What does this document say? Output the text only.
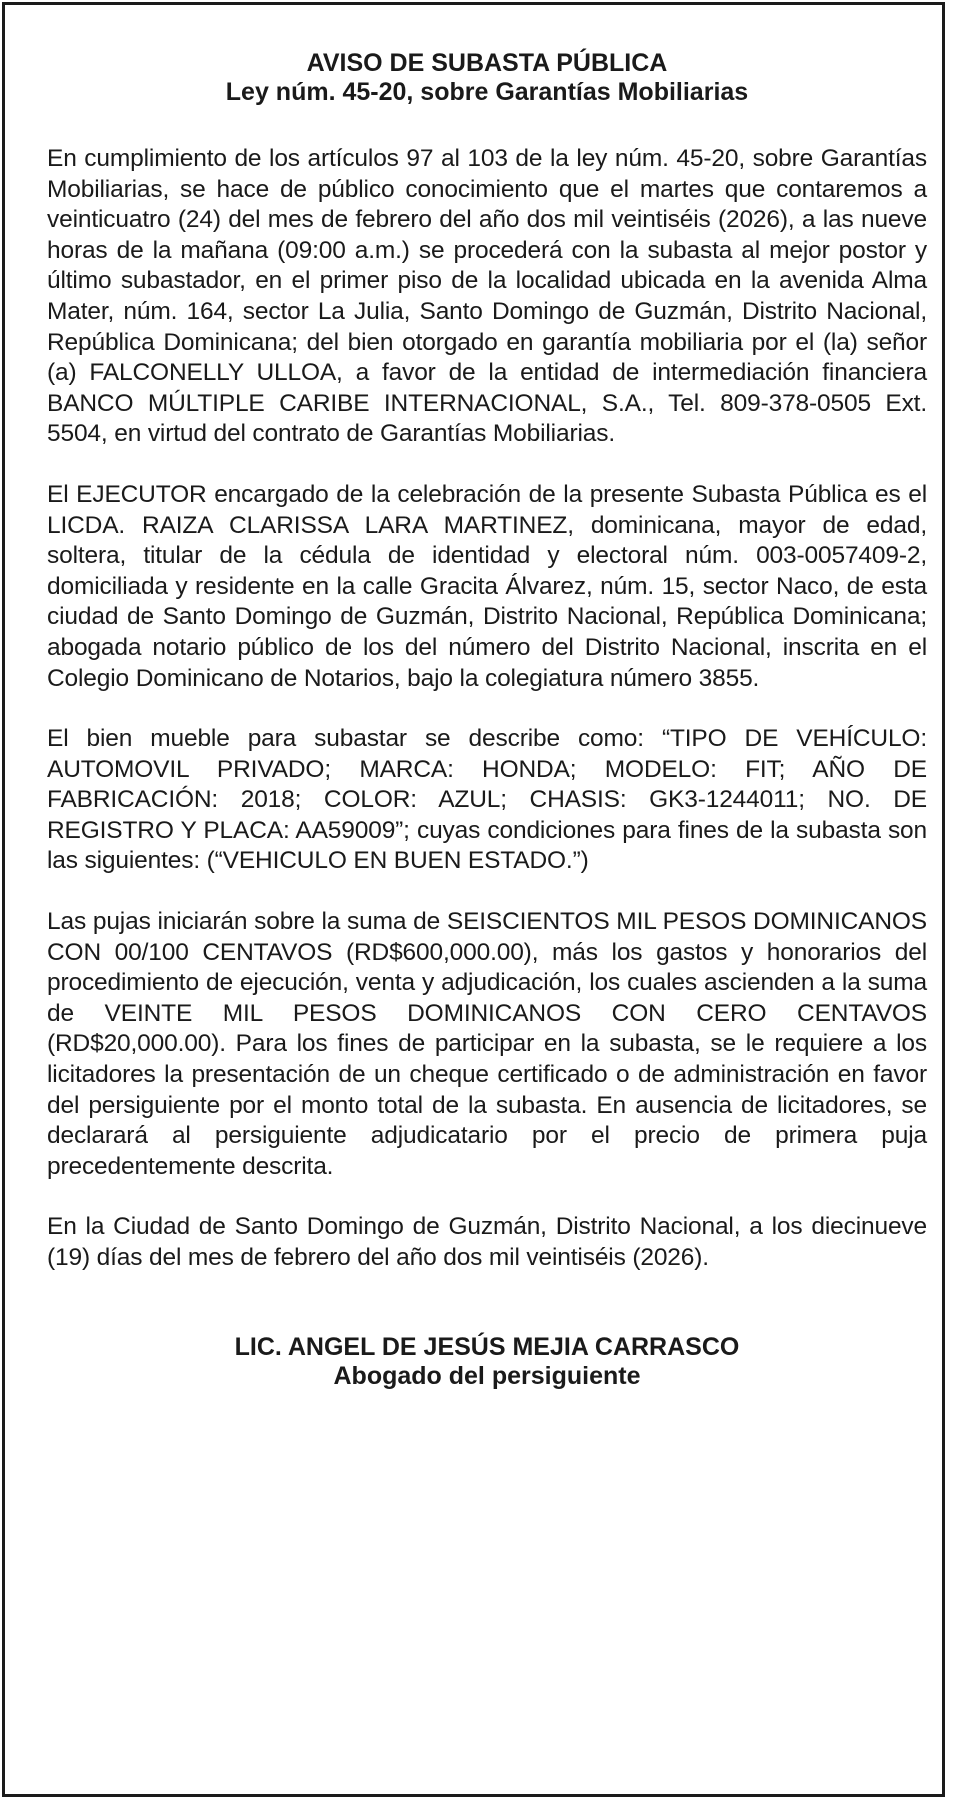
AVISO DE SUBASTA PÚBLICA
Ley núm. 45-20, sobre Garantías Mobiliarias

En cumplimiento de los artículos 97 al 103 de la ley núm. 45-20, sobre Garantías Mobiliarias, se hace de público conocimiento que el martes que contaremos a veinticuatro (24) del mes de febrero del año dos mil veintiséis (2026), a las nueve horas de la mañana (09:00 a.m.) se procederá con la subasta al mejor postor y último subastador, en el primer piso de la localidad ubicada en la avenida Alma Mater, núm. 164, sector La Julia, Santo Domingo de Guzmán, Distrito Nacional, República Dominicana; del bien otorgado en garantía mobiliaria por el (la) señor (a) FALCONELLY ULLOA, a favor de la entidad de intermediación financiera BANCO MÚLTIPLE CARIBE INTERNACIONAL, S.A., Tel. 809-378-0505 Ext. 5504, en virtud del contrato de Garantías Mobiliarias.

El EJECUTOR encargado de la celebración de la presente Subasta Pública es el LICDA. RAIZA CLARISSA LARA MARTINEZ, dominicana, mayor de edad, soltera, titular de la cédula de identidad y electoral núm. 003-0057409-2, domiciliada y residente en la calle Gracita Álvarez, núm. 15, sector Naco, de esta ciudad de Santo Domingo de Guzmán, Distrito Nacional, República Dominicana; abogada notario público de los del número del Distrito Nacional, inscrita en el Colegio Dominicano de Notarios, bajo la colegiatura número 3855.

El bien mueble para subastar se describe como: “TIPO DE VEHÍCULO: AUTOMOVIL PRIVADO; MARCA: HONDA; MODELO: FIT; AÑO DE FABRICACIÓN: 2018; COLOR: AZUL; CHASIS: GK3-1244011; NO. DE REGISTRO Y PLACA: AA59009”; cuyas condiciones para fines de la subasta son las siguientes: (“VEHICULO EN BUEN ESTADO.”)

Las pujas iniciarán sobre la suma de SEISCIENTOS MIL PESOS DOMINICANOS CON 00/100 CENTAVOS (RD$600,000.00), más los gastos y honorarios del procedimiento de ejecución, venta y adjudicación, los cuales ascienden a la suma de VEINTE MIL PESOS DOMINICANOS CON CERO CENTAVOS (RD$20,000.00). Para los fines de participar en la subasta, se le requiere a los licitadores la presentación de un cheque certificado o de administración en favor del persiguiente por el monto total de la subasta. En ausencia de licitadores, se declarará al persiguiente adjudicatario por el precio de primera puja precedentemente descrita.

En la Ciudad de Santo Domingo de Guzmán, Distrito Nacional, a los diecinueve (19) días del mes de febrero del año dos mil veintiséis (2026).

LIC. ANGEL DE JESÚS MEJIA CARRASCO
Abogado del persiguiente
